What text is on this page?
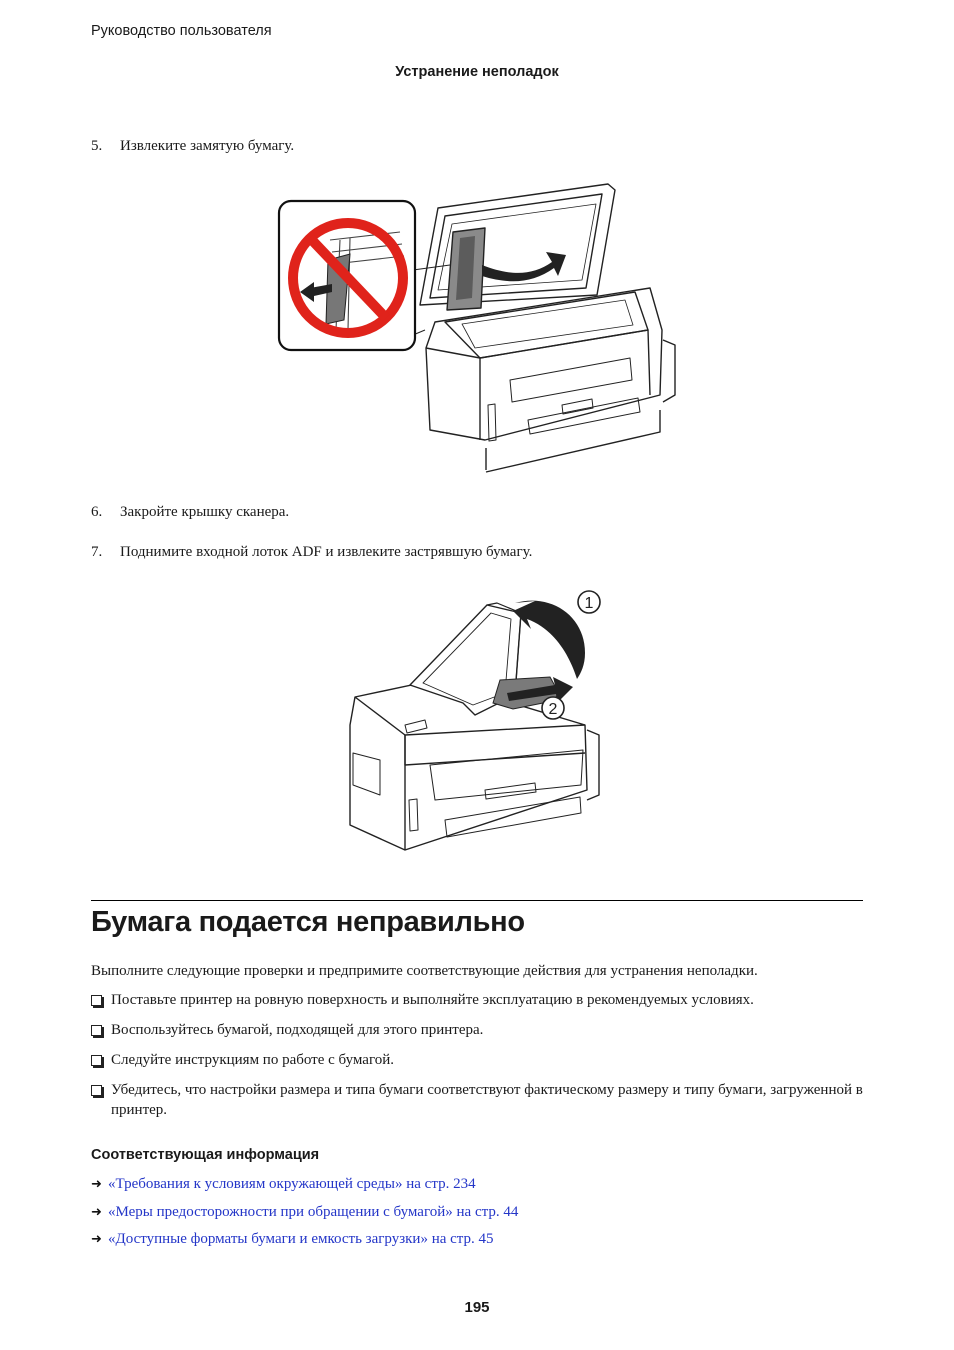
Руководство пользователя
Устранение неполадок
5. Извлеките замятую бумагу.
6. Закройте крышку сканера.
7. Поднимите входной лоток ADF и извлеките застрявшую бумагу.
1
2
Бумага подается неправильно
Выполните следующие проверки и предпримите соответствующие действия для устранения неполадки.
Поставьте принтер на ровную поверхность и выполняйте эксплуатацию в рекомендуемых условиях.
Воспользуйтесь бумагой, подходящей для этого принтера.
Следуйте инструкциям по работе с бумагой.
Убедитесь, что настройки размера и типа бумаги соответствуют фактическому размеру и типу бумаги, загруженной в принтер.
Соответствующая информация
➜ «Требования к условиям окружающей среды» на стр. 234
➜ «Меры предосторожности при обращении с бумагой» на стр. 44
➜ «Доступные форматы бумаги и емкость загрузки» на стр. 45
195
